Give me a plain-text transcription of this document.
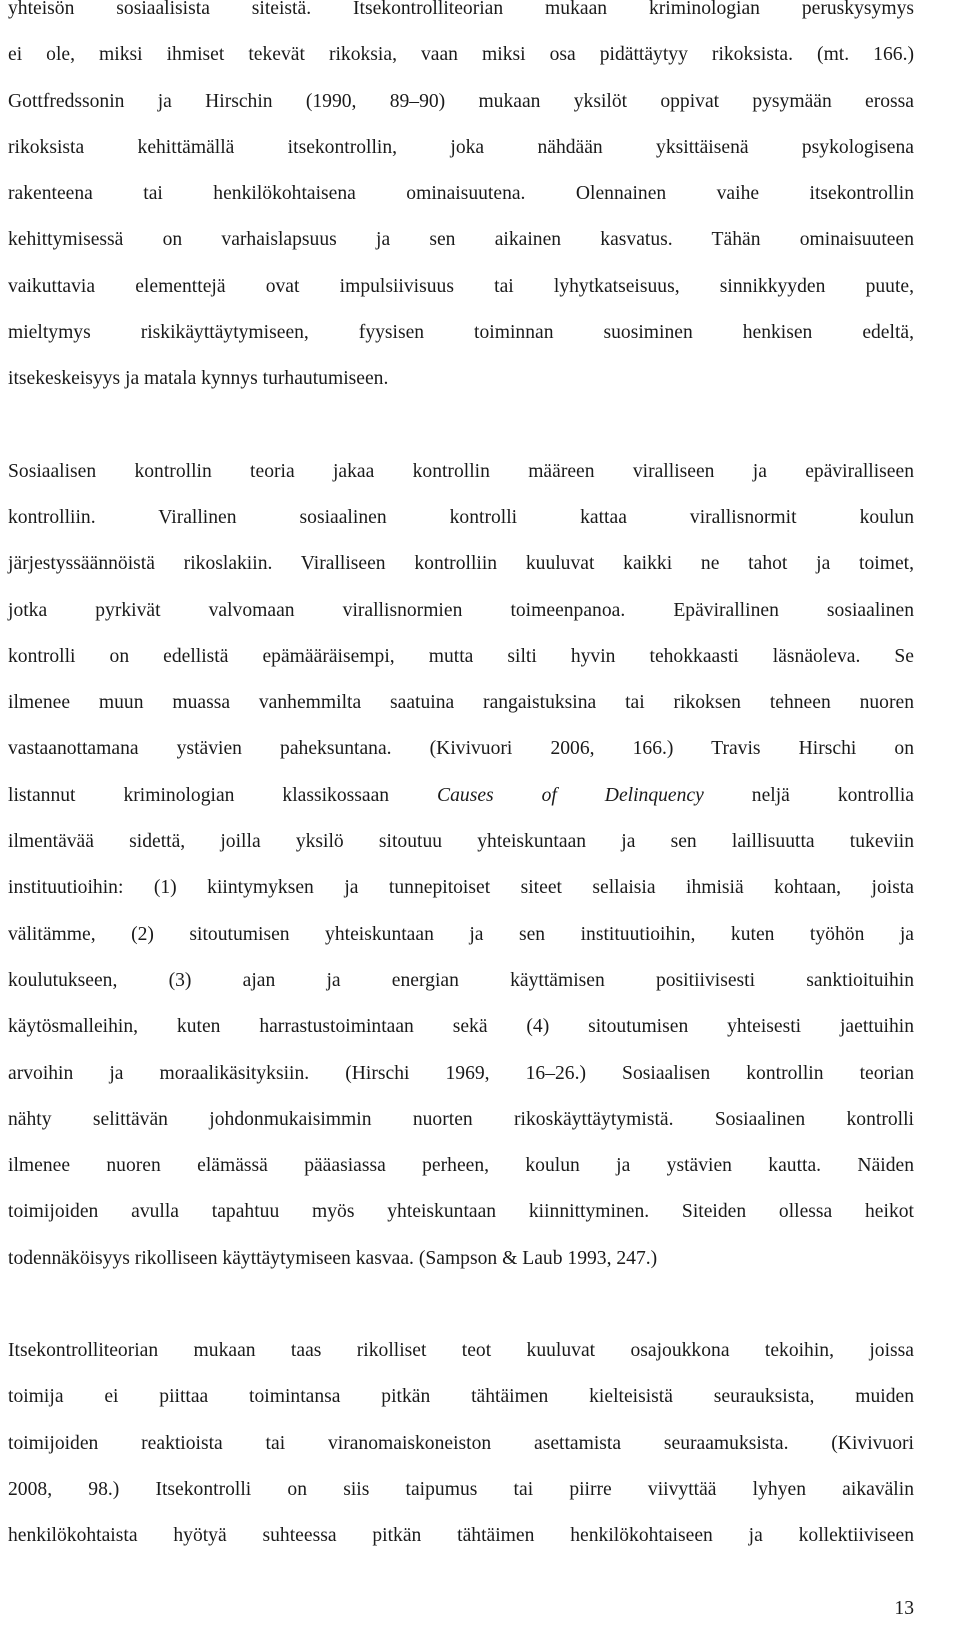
yhteisön sosiaalisista siteistä. Itsekontrolliteorian mukaan kriminologian peruskysymys
ei ole, miksi ihmiset tekevät rikoksia, vaan miksi osa pidättäytyy rikoksista. (mt. 166.)
Gottfredssonin ja Hirschin (1990, 89–90) mukaan yksilöt oppivat pysymään erossa
rikoksista kehittämällä itsekontrollin, joka nähdään yksittäisenä psykologisena
rakenteena tai henkilökohtaisena ominaisuutena. Olennainen vaihe itsekontrollin
kehittymisessä on varhaislapsuus ja sen aikainen kasvatus. Tähän ominaisuuteen
vaikuttavia elementtejä ovat impulsiivisuus tai lyhytkatseisuus, sinnikkyyden puute,
mieltymys riskikäyttäytymiseen, fyysisen toiminnan suosiminen henkisen edeltä,
itsekeskeisyys ja matala kynnys turhautumiseen.
Sosiaalisen kontrollin teoria jakaa kontrollin määreen viralliseen ja epäviralliseen
kontrolliin. Virallinen sosiaalinen kontrolli kattaa virallisnormit koulun
järjestyssäännöistä rikoslakiin. Viralliseen kontrolliin kuuluvat kaikki ne tahot ja toimet,
jotka pyrkivät valvomaan virallisnormien toimeenpanoa. Epävirallinen sosiaalinen
kontrolli on edellistä epämääräisempi, mutta silti hyvin tehokkaasti läsnäoleva. Se
ilmenee muun muassa vanhemmilta saatuina rangaistuksina tai rikoksen tehneen nuoren
vastaanottamana ystävien paheksuntana. (Kivivuori 2006, 166.) Travis Hirschi on
listannut kriminologian klassikossaan Causes of Delinquency neljä kontrollia
ilmentävää sidettä, joilla yksilö sitoutuu yhteiskuntaan ja sen laillisuutta tukeviin
instituutioihin: (1) kiintymyksen ja tunnepitoiset siteet sellaisia ihmisiä kohtaan, joista
välitämme, (2) sitoutumisen yhteiskuntaan ja sen instituutioihin, kuten työhön ja
koulutukseen, (3) ajan ja energian käyttämisen positiivisesti sanktioituihin
käytösmalleihin, kuten harrastustoimintaan sekä (4) sitoutumisen yhteisesti jaettuihin
arvoihin ja moraalikäsityksiin. (Hirschi 1969, 16–26.) Sosiaalisen kontrollin teorian
nähty selittävän johdonmukaisimmin nuorten rikoskäyttäytymistä. Sosiaalinen kontrolli
ilmenee nuoren elämässä pääasiassa perheen, koulun ja ystävien kautta. Näiden
toimijoiden avulla tapahtuu myös yhteiskuntaan kiinnittyminen. Siteiden ollessa heikot
todennäköisyys rikolliseen käyttäytymiseen kasvaa. (Sampson & Laub 1993, 247.)
Itsekontrolliteorian mukaan taas rikolliset teot kuuluvat osajoukkona tekoihin, joissa
toimija ei piittaa toimintansa pitkän tähtäimen kielteisistä seurauksista, muiden
toimijoiden reaktioista tai viranomaiskoneiston asettamista seuraamuksista. (Kivivuori
2008, 98.) Itsekontrolli on siis taipumus tai piirre viivyttää lyhyen aikavälin
henkilökohtaista hyötyä suhteessa pitkän tähtäimen henkilökohtaiseen ja kollektiiviseen
13
